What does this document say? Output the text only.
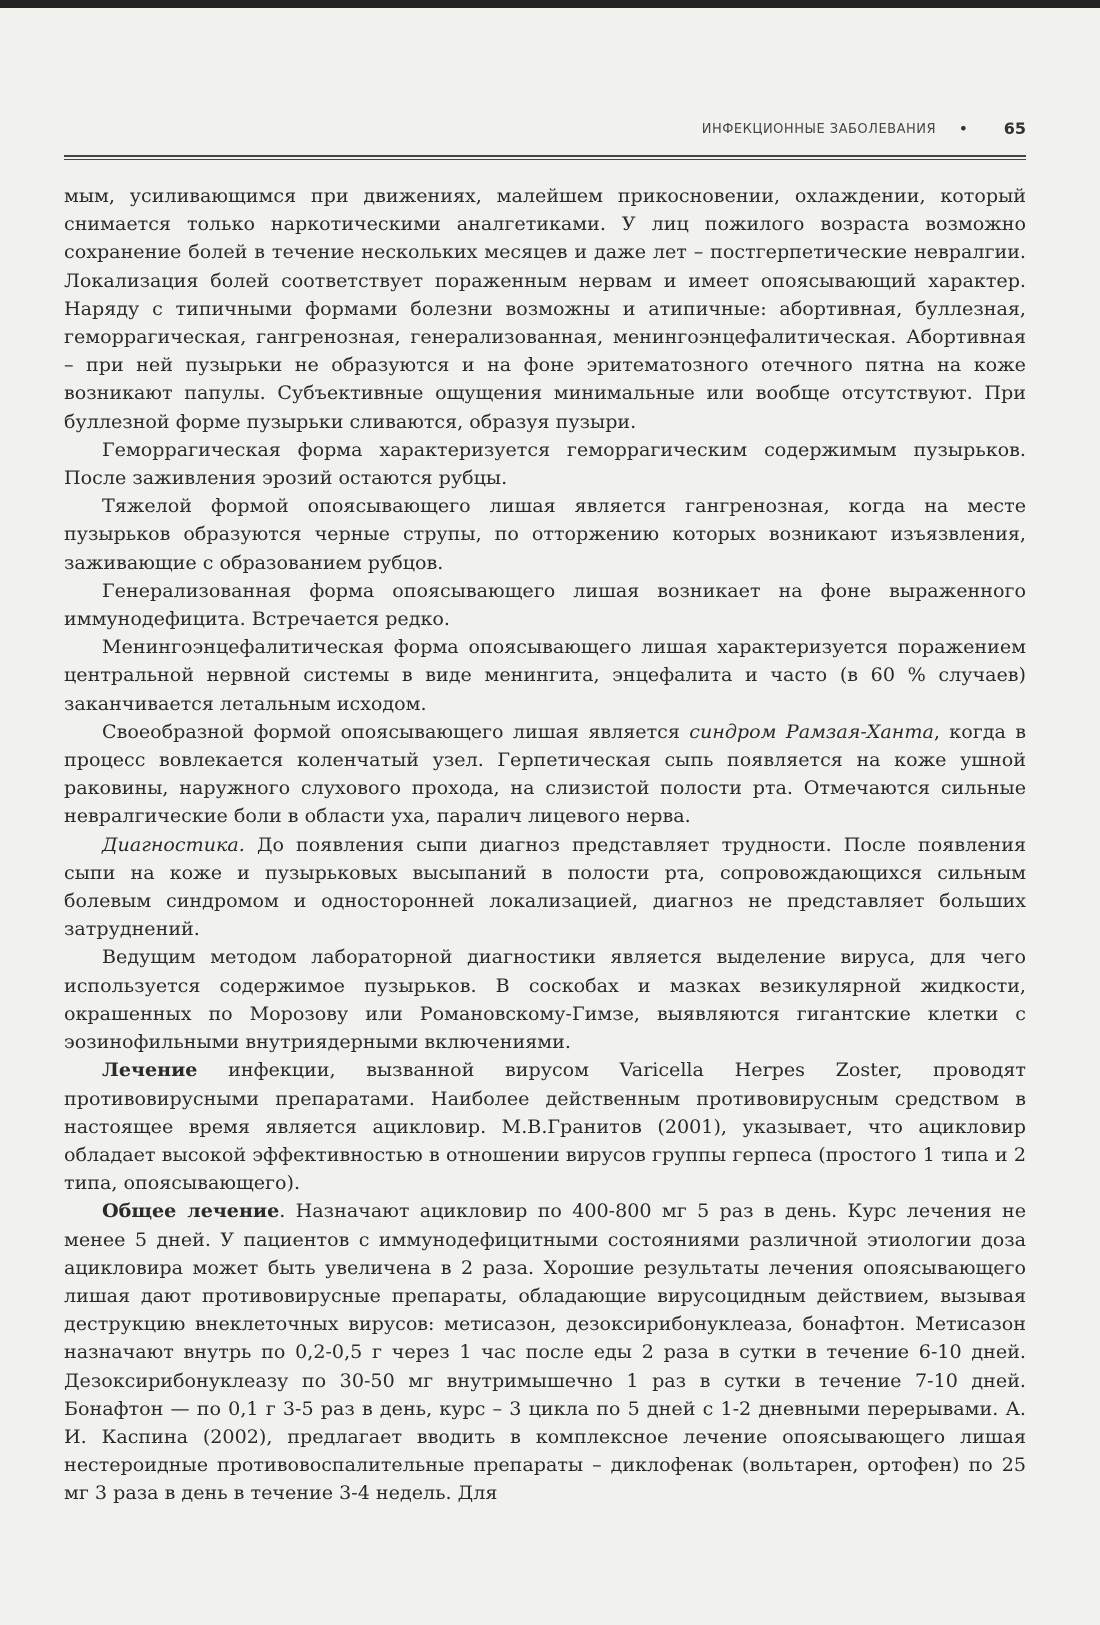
ИНФЕКЦИОННЫЕ ЗАБОЛЕВАНИЯ • 65

мым, усиливающимся при движениях, малейшем прикосновении, охлаждении, который снимается только наркотическими аналгетиками. У лиц пожилого возраста возможно сохранение болей в течение нескольких месяцев и даже лет – постгерпетические невралгии. Локализация болей соответствует пораженным нервам и имеет опоясывающий характер. Наряду с типичными формами болезни возможны и атипичные: абортивная, буллезная, геморрагическая, гангренозная, генерализованная, менингоэнцефалитическая. Абортивная – при ней пузырьки не образуются и на фоне эритематозного отечного пятна на коже возникают папулы. Субъективные ощущения минимальные или вообще отсутствуют. При буллезной форме пузырьки сливаются, образуя пузыри.

Геморрагическая форма характеризуется геморрагическим содержимым пузырьков. После заживления эрозий остаются рубцы.

Тяжелой формой опоясывающего лишая является гангренозная, когда на месте пузырьков образуются черные струпы, по отторжению которых возникают изъязвления, заживающие с образованием рубцов.

Генерализованная форма опоясывающего лишая возникает на фоне выраженного иммунодефицита. Встречается редко.

Менингоэнцефалитическая форма опоясывающего лишая характеризуется поражением центральной нервной системы в виде менингита, энцефалита и часто (в 60 % случаев) заканчивается летальным исходом.

Своеобразной формой опоясывающего лишая является синдром Рамзая-Ханта, когда в процесс вовлекается коленчатый узел. Герпетическая сыпь появляется на коже ушной раковины, наружного слухового прохода, на слизистой полости рта. Отмечаются сильные невралгические боли в области уха, паралич лицевого нерва.

Диагностика. До появления сыпи диагноз представляет трудности. После появления сыпи на коже и пузырьковых высыпаний в полости рта, сопровождающихся сильным болевым синдромом и односторонней локализацией, диагноз не представляет больших затруднений.

Ведущим методом лабораторной диагностики является выделение вируса, для чего используется содержимое пузырьков. В соскобах и мазках везикулярной жидкости, окрашенных по Морозову или Романовскому-Гимзе, выявляются гигантские клетки с эозинофильными внутриядерными включениями.

Лечение инфекции, вызванной вирусом Varicella Herpes Zoster, проводят противовирусными препаратами. Наиболее действенным противовирусным средством в настоящее время является ацикловир. М.В.Гранитов (2001), указывает, что ацикловир обладает высокой эффективностью в отношении вирусов группы герпеса (простого 1 типа и 2 типа, опоясывающего).

Общее лечение. Назначают ацикловир по 400-800 мг 5 раз в день. Курс лечения не менее 5 дней. У пациентов с иммунодефицитными состояниями различной этиологии доза ацикловира может быть увеличена в 2 раза. Хорошие результаты лечения опоясывающего лишая дают противовирусные препараты, обладающие вирусоцидным действием, вызывая деструкцию внеклеточных вирусов: метисазон, дезоксирибонуклеаза, бонафтон. Метисазон назначают внутрь по 0,2-0,5 г через 1 час после еды 2 раза в сутки в течение 6-10 дней. Дезоксирибонуклеазу по 30-50 мг внутримышечно 1 раз в сутки в течение 7-10 дней. Бонафтон — по 0,1 г 3-5 раз в день, курс – 3 цикла по 5 дней с 1-2 дневными перерывами. А. И. Каспина (2002), предлагает вводить в комплексное лечение опоясывающего лишая нестероидные противовоспалительные препараты – диклофенак (вольтарен, ортофен) по 25 мг 3 раза в день в течение 3-4 недель. Для
